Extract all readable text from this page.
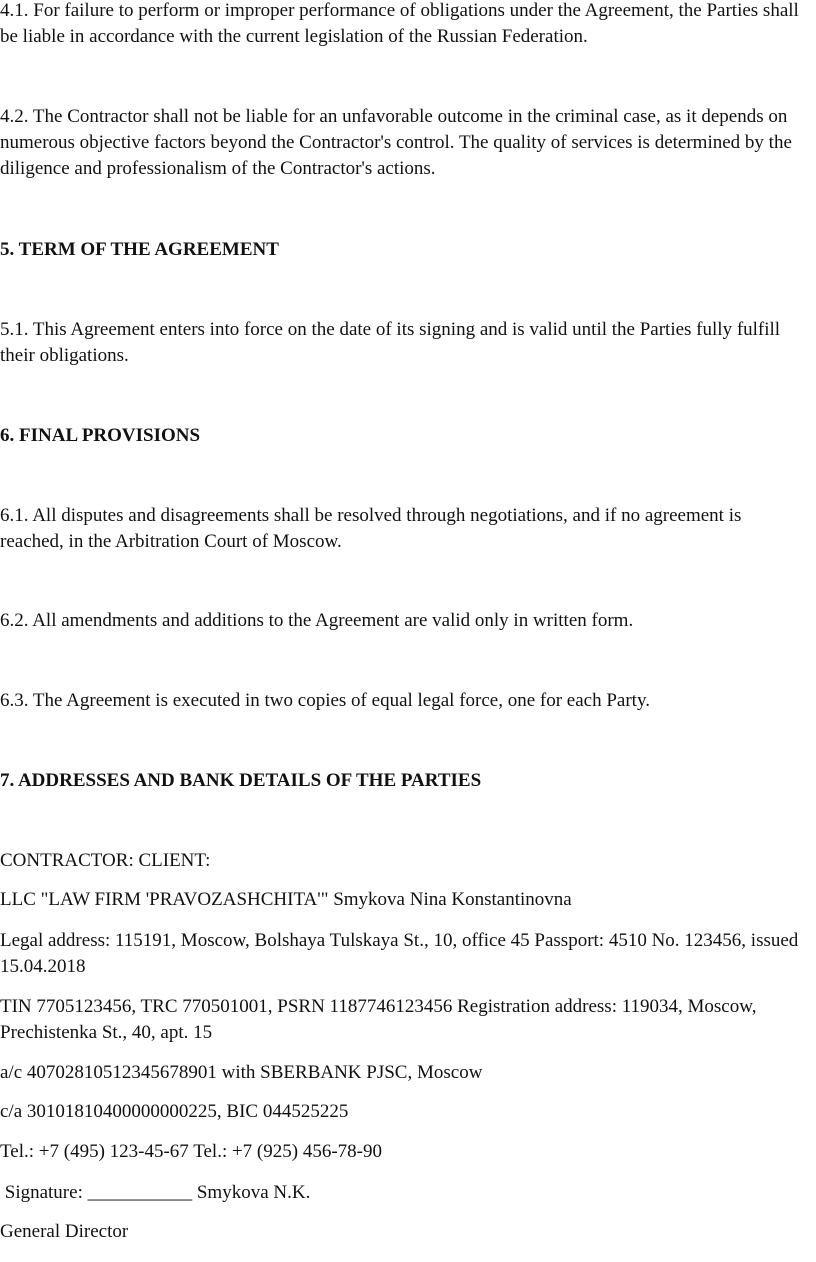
4.1. For failure to perform or improper performance of obligations under the Agreement, the Parties shall be liable in accordance with the current legislation of the Russian Federation.

4.2. The Contractor shall not be liable for an unfavorable outcome in the criminal case, as it depends on numerous objective factors beyond the Contractor's control. The quality of services is determined by the diligence and professionalism of the Contractor's actions.

5. TERM OF THE AGREEMENT

5.1. This Agreement enters into force on the date of its signing and is valid until the Parties fully fulfill their obligations.

6. FINAL PROVISIONS

6.1. All disputes and disagreements shall be resolved through negotiations, and if no agreement is reached, in the Arbitration Court of Moscow.

6.2. All amendments and additions to the Agreement are valid only in written form.

6.3. The Agreement is executed in two copies of equal legal force, one for each Party.

7. ADDRESSES AND BANK DETAILS OF THE PARTIES

CONTRACTOR: CLIENT:

LLC "LAW FIRM 'PRAVOZASHCHITA'" Smykova Nina Konstantinovna

Legal address: 115191, Moscow, Bolshaya Tulskaya St., 10, office 45 Passport: 4510 No. 123456, issued 15.04.2018

TIN 7705123456, TRC 770501001, PSRN 1187746123456 Registration address: 119034, Moscow, Prechistenka St., 40, apt. 15

a/c 40702810512345678901 with SBERBANK PJSC, Moscow

c/a 30101810400000000225, BIC 044525225

Tel.: +7 (495) 123-45-67 Tel.: +7 (925) 456-78-90

Signature: ___________ Smykova N.K.

General Director
